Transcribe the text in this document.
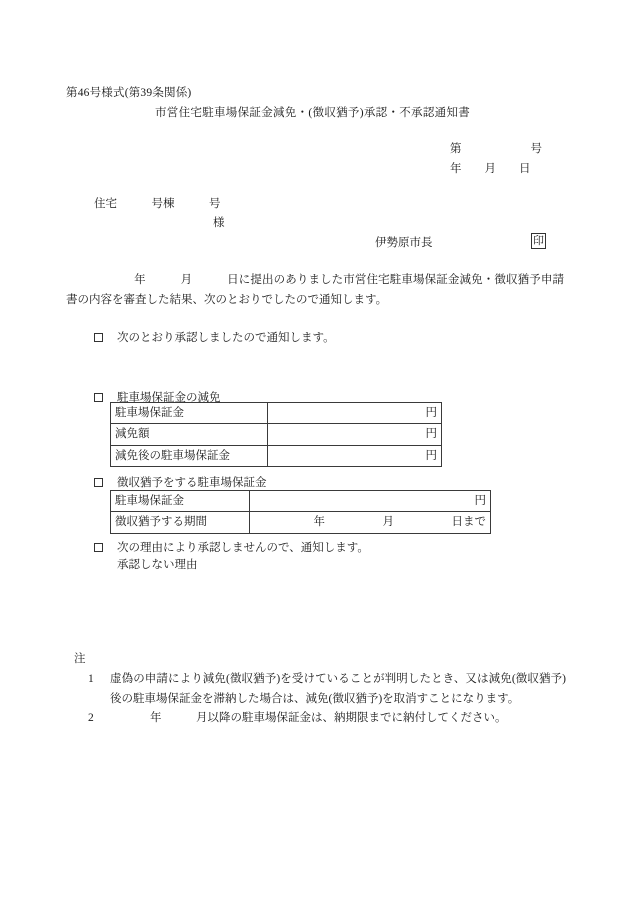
第46号様式(第39条関係)
市営住宅駐車場保証金減免・(徴収猶予)承認・不承認通知書
第　　　　　　号
年　　月　　日
住宅　　　号棟　　　号
様
伊勢原市長	印
年　　　月　　　日に提出のありました市営住宅駐車場保証金減免・徴収猶予申請書の内容を審査した結果、次のとおりでしたので通知します。
次のとおり承認しましたので通知します。
駐車場保証金の減免
駐車場保証金	円
減免額	円
減免後の駐車場保証金	円
徴収猶予をする駐車場保証金
駐車場保証金	円
徴収猶予する期間	年　　　　　月　　　　　日まで
次の理由により承認しませんので、通知します。
承認しない理由
注
1 虚偽の申請により減免(徴収猶予)を受けていることが判明したとき、又は減免(徴収猶予)後の駐車場保証金を滞納した場合は、減免(徴収猶予)を取消すことになります。
2	年　　　月以降の駐車場保証金は、納期限までに納付してください。
